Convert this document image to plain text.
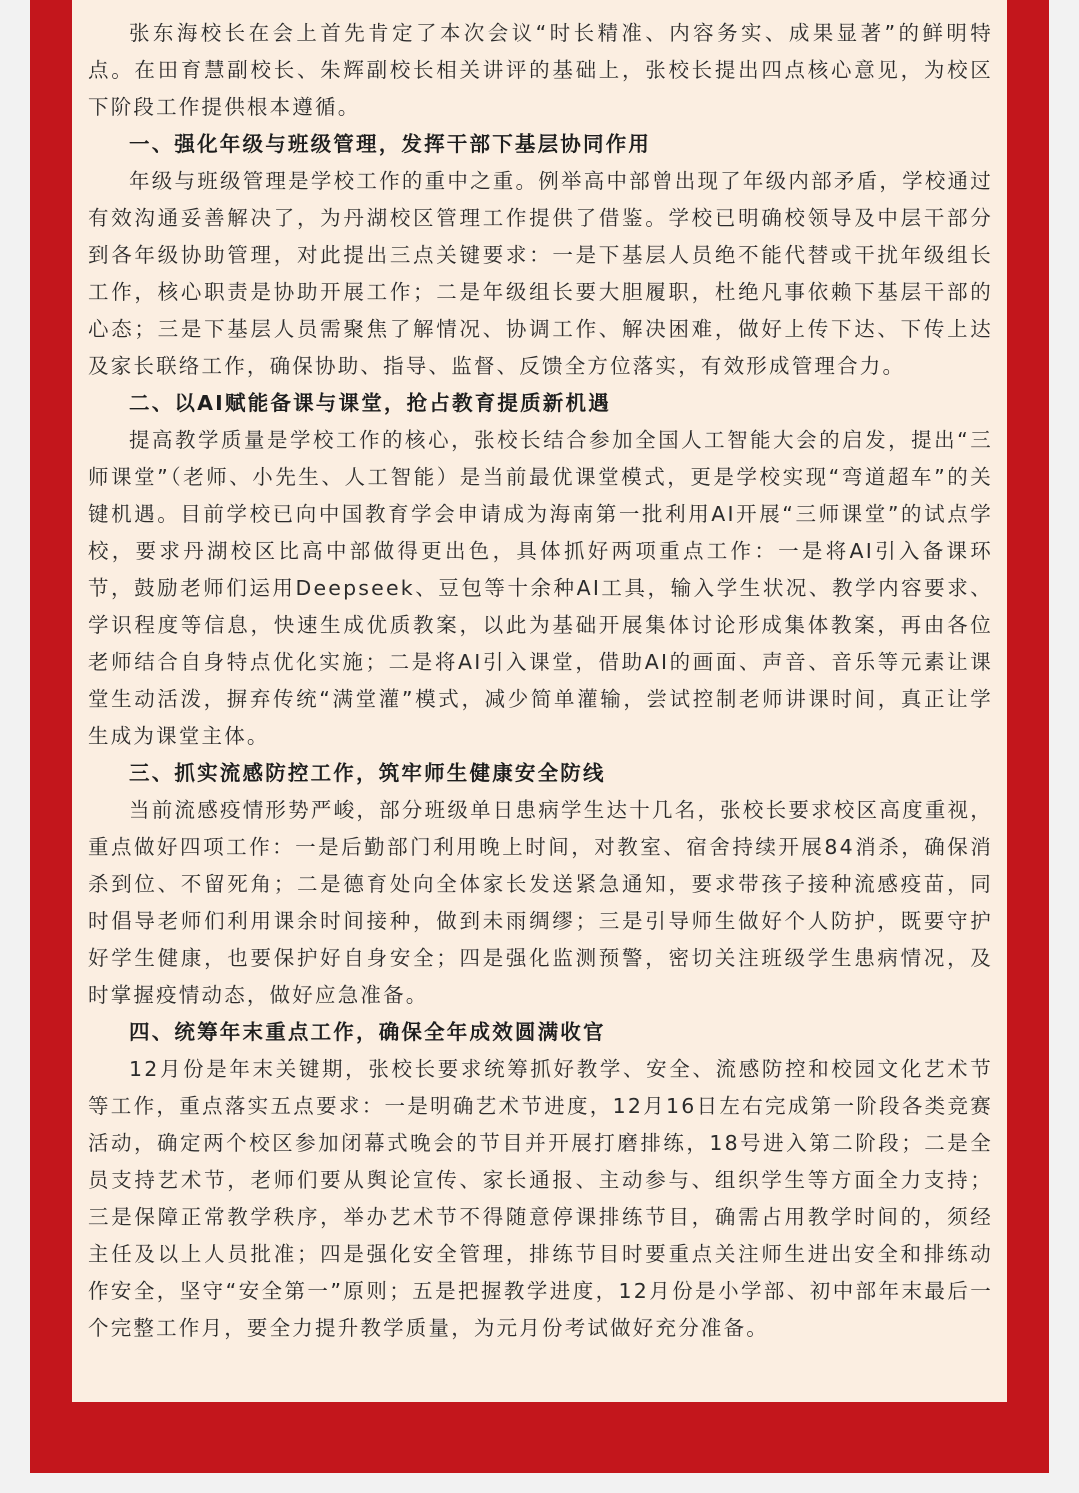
张东海校长在会上首先肯定了本次会议“时长精准、内容务实、成果显著”的鲜明特点。在田育慧副校长、朱辉副校长相关讲评的基础上，张校长提出四点核心意见，为校区下阶段工作提供根本遵循。

一、强化年级与班级管理，发挥干部下基层协同作用

年级与班级管理是学校工作的重中之重。例举高中部曾出现了年级内部矛盾，学校通过有效沟通妥善解决了，为丹湖校区管理工作提供了借鉴。学校已明确校领导及中层干部分到各年级协助管理，对此提出三点关键要求：一是下基层人员绝不能代替或干扰年级组长工作，核心职责是协助开展工作；二是年级组长要大胆履职，杜绝凡事依赖下基层干部的心态；三是下基层人员需聚焦了解情况、协调工作、解决困难，做好上传下达、下传上达及家长联络工作，确保协助、指导、监督、反馈全方位落实，有效形成管理合力。

二、以AI赋能备课与课堂，抢占教育提质新机遇

提高教学质量是学校工作的核心，张校长结合参加全国人工智能大会的启发，提出“三师课堂”（老师、小先生、人工智能）是当前最优课堂模式，更是学校实现“弯道超车”的关键机遇。目前学校已向中国教育学会申请成为海南第一批利用AI开展“三师课堂”的试点学校，要求丹湖校区比高中部做得更出色，具体抓好两项重点工作：一是将AI引入备课环节，鼓励老师们运用Deepseek、豆包等十余种AI工具，输入学生状况、教学内容要求、学识程度等信息，快速生成优质教案，以此为基础开展集体讨论形成集体教案，再由各位老师结合自身特点优化实施；二是将AI引入课堂，借助AI的画面、声音、音乐等元素让课堂生动活泼，摒弃传统“满堂灌”模式，减少简单灌输，尝试控制老师讲课时间，真正让学生成为课堂主体。

三、抓实流感防控工作，筑牢师生健康安全防线

当前流感疫情形势严峻，部分班级单日患病学生达十几名，张校长要求校区高度重视，重点做好四项工作：一是后勤部门利用晚上时间，对教室、宿舍持续开展84消杀，确保消杀到位、不留死角；二是德育处向全体家长发送紧急通知，要求带孩子接种流感疫苗，同时倡导老师们利用课余时间接种，做到未雨绸缪；三是引导师生做好个人防护，既要守护好学生健康，也要保护好自身安全；四是强化监测预警，密切关注班级学生患病情况，及时掌握疫情动态，做好应急准备。

四、统筹年末重点工作，确保全年成效圆满收官

12月份是年末关键期，张校长要求统筹抓好教学、安全、流感防控和校园文化艺术节等工作，重点落实五点要求：一是明确艺术节进度，12月16日左右完成第一阶段各类竞赛活动，确定两个校区参加闭幕式晚会的节目并开展打磨排练，18号进入第二阶段；二是全员支持艺术节，老师们要从舆论宣传、家长通报、主动参与、组织学生等方面全力支持；三是保障正常教学秩序，举办艺术节不得随意停课排练节目，确需占用教学时间的，须经主任及以上人员批准；四是强化安全管理，排练节目时要重点关注师生进出安全和排练动作安全，坚守“安全第一”原则；五是把握教学进度，12月份是小学部、初中部年末最后一个完整工作月，要全力提升教学质量，为元月份考试做好充分准备。
